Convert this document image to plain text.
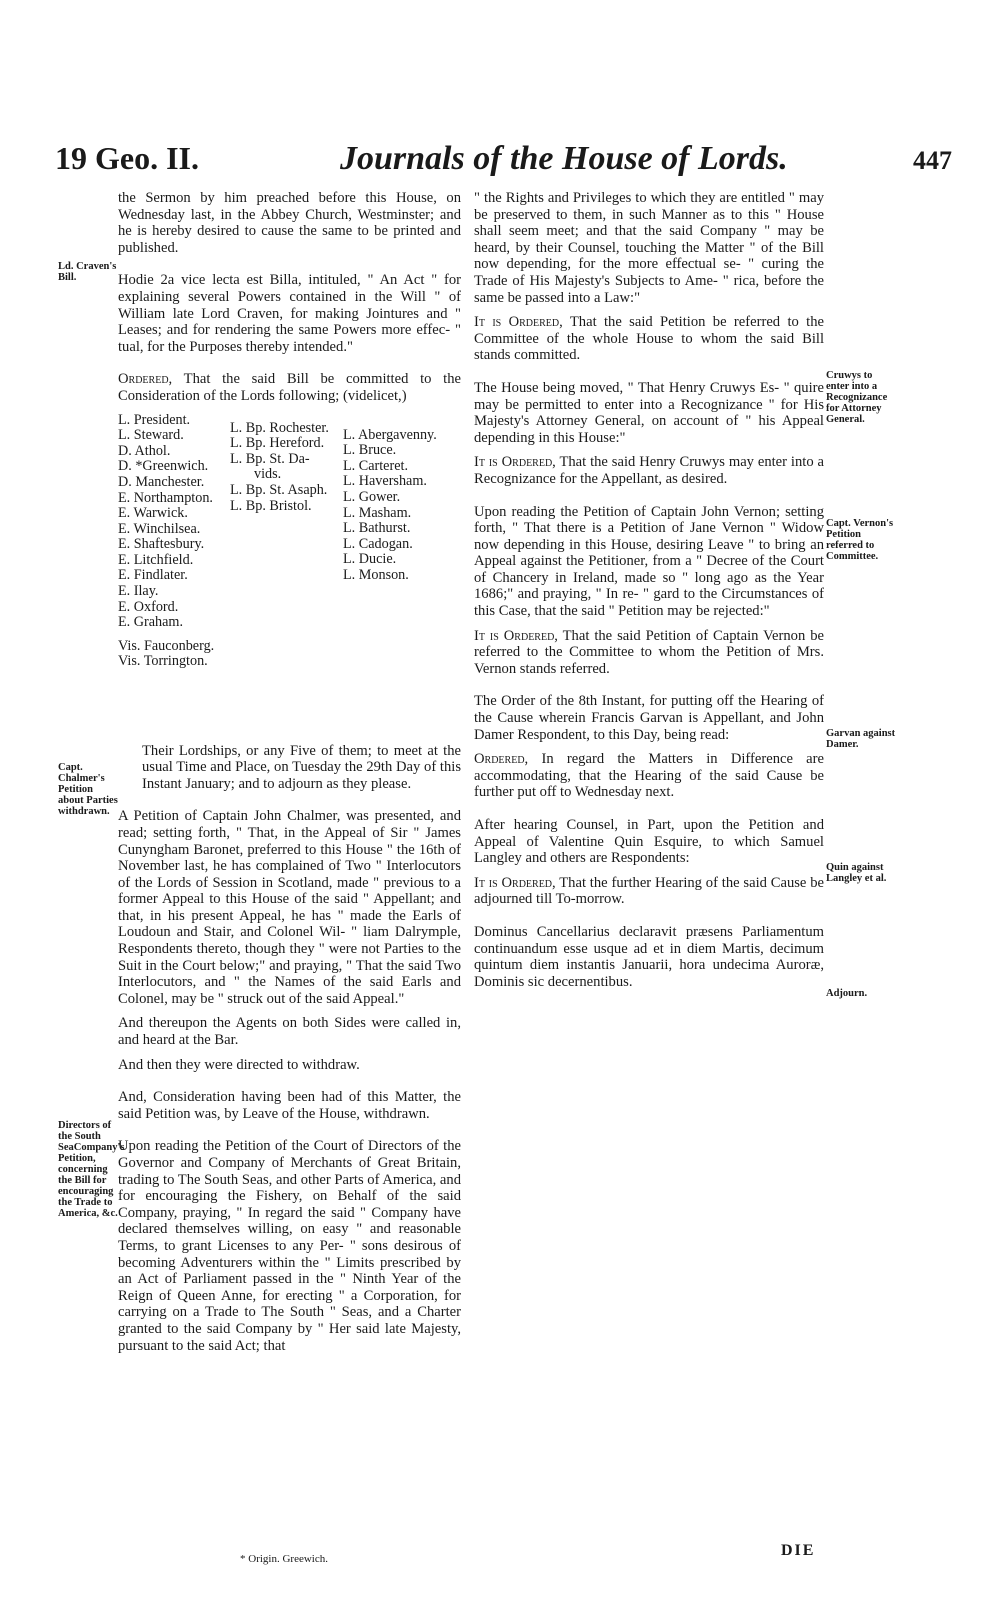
19 Geo. II.	Journals of the House of Lords.	447
Ld. Craven's Bill.
Capt. Chalmer's Petition about Parties withdrawn.
Directors of the South SeaCompany's Petition, concerning the Bill for encouraging the Trade to America, &c.
Cruwys to enter into a Recognizance for Attorney General.
Capt. Vernon's Petition referred to Committee.
Garvan against Damer.
Quin against Langley et al.
Adjourn.

the Sermon by him preached before this House, on Wednesday last, in the Abbey Church, Westminster; and he is hereby desired to cause the same to be printed and published.

Hodie 2a vice lecta est Billa, intituled, " An Act " for explaining several Powers contained in the Will " of William late Lord Craven, for making Jointures and " Leases; and for rendering the same Powers more effec- " tual, for the Purposes thereby intended."

Ordered, That the said Bill be committed to the Consideration of the Lords following; (videlicet,)

L. President.
L. Steward.
D. Athol.
D. *Greenwich.
D. Manchester.
E. Northampton.
E. Warwick.
E. Winchilsea.
E. Shaftesbury.
E. Litchfield.
E. Findlater.
E. Ilay.
E. Oxford.
E. Graham.
Vis. Fauconberg.
Vis. Torrington.
L. Bp. Rochester.
L. Bp. Hereford.
L. Bp. St. Da-
vids.
L. Bp. St. Asaph.
L. Bp. Bristol.
L. Abergavenny.
L. Bruce.
L. Carteret.
L. Haversham.
L. Gower.
L. Masham.
L. Bathurst.
L. Cadogan.
L. Ducie.
L. Monson.

Their Lordships, or any Five of them; to meet at the usual Time and Place, on Tuesday the 29th Day of this Instant January; and to adjourn as they please.

A Petition of Captain John Chalmer, was presented, and read; setting forth, " That, in the Appeal of Sir " James Cunyngham Baronet, preferred to this House " the 16th of November last, he has complained of Two " Interlocutors of the Lords of Session in Scotland, made " previous to a former Appeal to this House of the said " Appellant; and that, in his present Appeal, he has " made the Earls of Loudoun and Stair, and Colonel Wil- " liam Dalrymple, Respondents thereto, though they " were not Parties to the Suit in the Court below;" and praying, " That the said Two Interlocutors, and " the Names of the said Earls and Colonel, may be " struck out of the said Appeal."

And thereupon the Agents on both Sides were called in, and heard at the Bar.

And then they were directed to withdraw.

And, Consideration having been had of this Matter, the said Petition was, by Leave of the House, withdrawn.

Upon reading the Petition of the Court of Directors of the Governor and Company of Merchants of Great Britain, trading to The South Seas, and other Parts of America, and for encouraging the Fishery, on Behalf of the said Company, praying, " In regard the said " Company have declared themselves willing, on easy " and reasonable Terms, to grant Licenses to any Per- " sons desirous of becoming Adventurers within the " Limits prescribed by an Act of Parliament passed in the " Ninth Year of the Reign of Queen Anne, for erecting " a Corporation, for carrying on a Trade to The South " Seas, and a Charter granted to the said Company by " Her said late Majesty, pursuant to the said Act; that

" the Rights and Privileges to which they are entitled " may be preserved to them, in such Manner as to this " House shall seem meet; and that the said Company " may be heard, by their Counsel, touching the Matter " of the Bill now depending, for the more effectual se- " curing the Trade of His Majesty's Subjects to Ame- " rica, before the same be passed into a Law:"

It is Ordered, That the said Petition be referred to the Committee of the whole House to whom the said Bill stands committed.

The House being moved, " That Henry Cruwys Es- " quire may be permitted to enter into a Recognizance " for His Majesty's Attorney General, on account of " his Appeal depending in this House:"

It is Ordered, That the said Henry Cruwys may enter into a Recognizance for the Appellant, as desired.

Upon reading the Petition of Captain John Vernon; setting forth, " That there is a Petition of Jane Vernon " Widow now depending in this House, desiring Leave " to bring an Appeal against the Petitioner, from a " Decree of the Court of Chancery in Ireland, made so " long ago as the Year 1686;" and praying, " In re- " gard to the Circumstances of this Case, that the said " Petition may be rejected:"

It is Ordered, That the said Petition of Captain Vernon be referred to the Committee to whom the Petition of Mrs. Vernon stands referred.

The Order of the 8th Instant, for putting off the Hearing of the Cause wherein Francis Garvan is Appellant, and John Damer Respondent, to this Day, being read:

Ordered, In regard the Matters in Difference are accommodating, that the Hearing of the said Cause be further put off to Wednesday next.

After hearing Counsel, in Part, upon the Petition and Appeal of Valentine Quin Esquire, to which Samuel Langley and others are Respondents:

It is Ordered, That the further Hearing of the said Cause be adjourned till To-morrow.

Dominus Cancellarius declaravit præsens Parliamentum continuandum esse usque ad et in diem Martis, decimum quintum diem instantis Januarii, hora undecima Auroræ, Dominis sic decernentibus.

* Origin. Greewich.	DIE
